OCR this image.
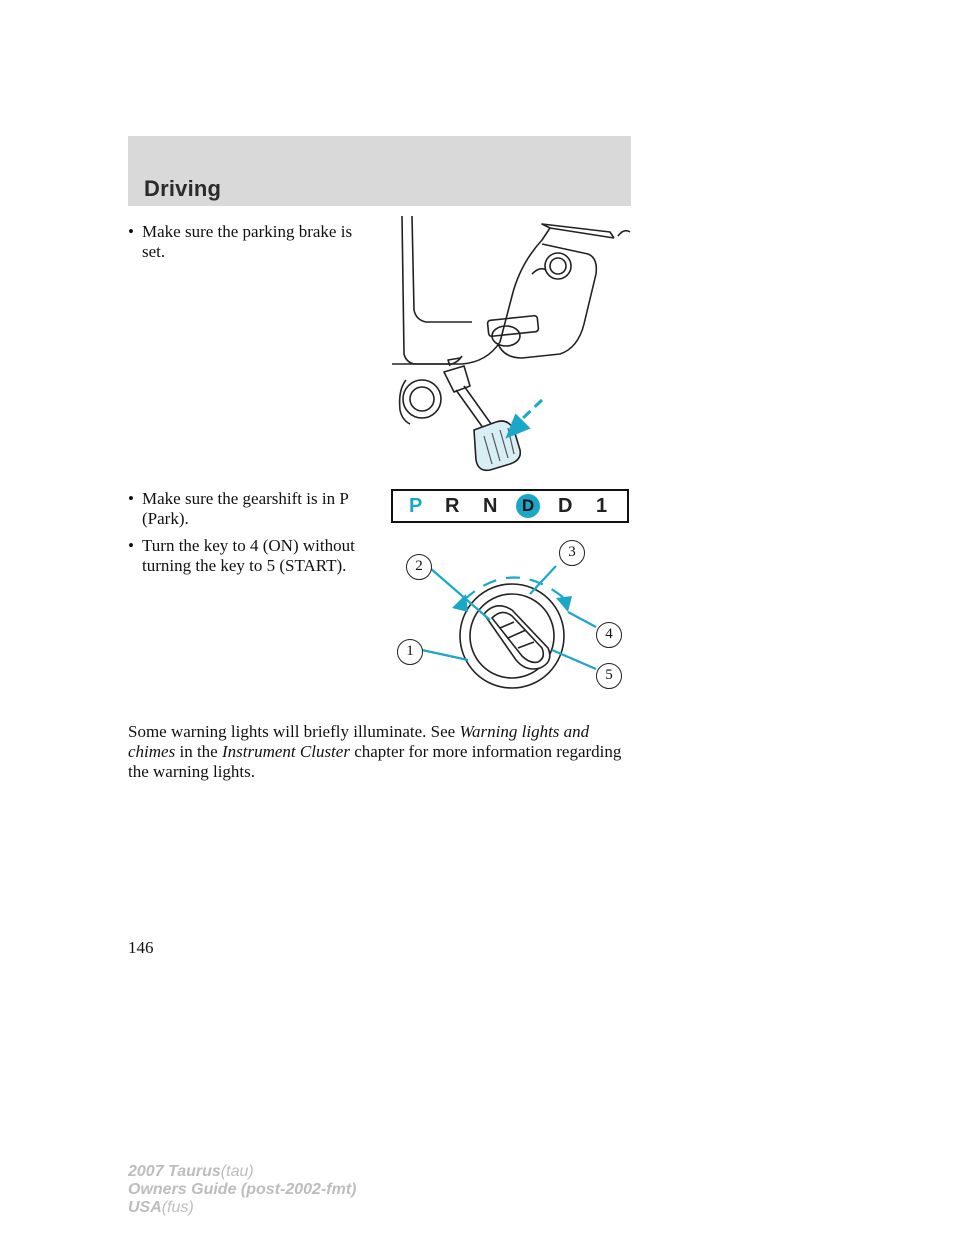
Driving
• Make sure the parking brake is set.
• Make sure the gearshift is in P (Park).
• Turn the key to 4 (ON) without turning the key to 5 (START).
P R N	D D 1
2
3
4
1
5
Some warning lights will briefly illuminate. See Warning lights and chimes in the Instrument Cluster chapter for more information regarding the warning lights.
146
2007 Taurus(tau)
Owners Guide (post-2002-fmt)
USA(fus)
